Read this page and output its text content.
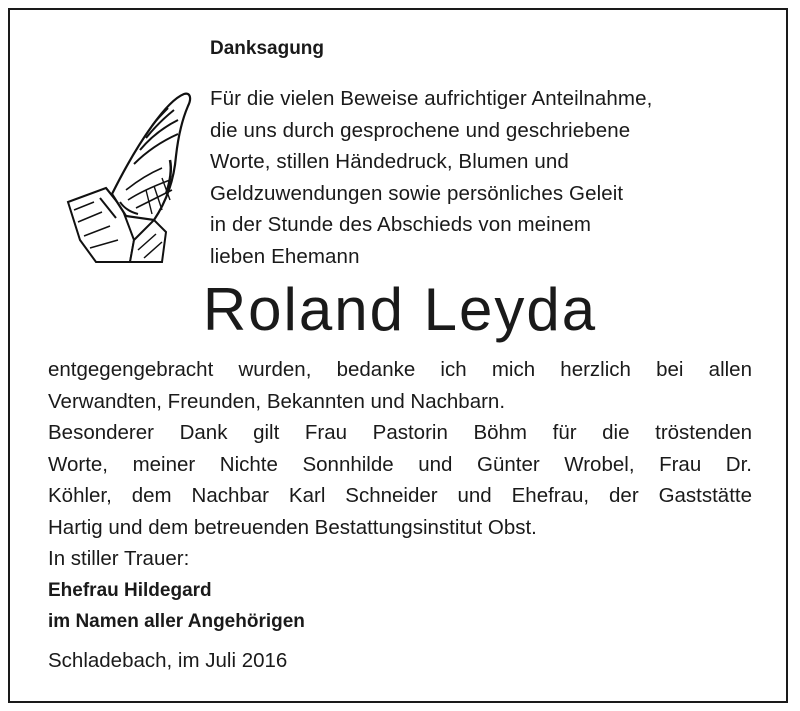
Danksagung
Für die vielen Beweise aufrichtiger Anteilnahme,
die uns durch gesprochene und geschriebene
Worte, stillen Händedruck, Blumen und
Geldzuwendungen sowie persönliches Geleit
in der Stunde des Abschieds von meinem
lieben Ehemann
Roland Leyda
entgegengebracht wurden, bedanke ich mich herzlich bei allen
Verwandten, Freunden, Bekannten und Nachbarn.
Besonderer Dank gilt Frau Pastorin Böhm für die tröstenden
Worte, meiner Nichte Sonnhilde und Günter Wrobel, Frau Dr.
Köhler, dem Nachbar Karl Schneider und Ehefrau, der Gaststätte
Hartig und dem betreuenden Bestattungsinstitut Obst.
In stiller Trauer:
Ehefrau Hildegard
im Namen aller Angehörigen
Schladebach, im Juli 2016
